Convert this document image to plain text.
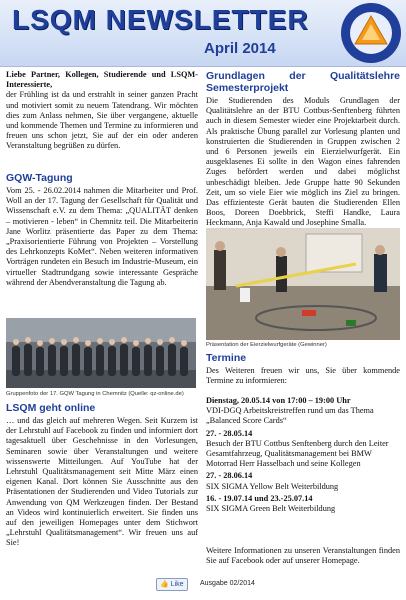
LSQM NEWSLETTER
April 2014

Liebe Partner, Kollegen, Studierende und LSQM-Interessierte,

der Frühling ist da und erstrahlt in seiner ganzen Pracht und motiviert somit zu neuem Tatendrang. Wir möchten dies zum Anlass nehmen, Sie über vergangene, aktuelle und kommende Themen und Termine zu informieren und freuen uns schon jetzt, Sie auf der ein oder anderen Veranstaltung begrüßen zu dürfen.

GQW-Tagung

Vom 25. - 26.02.2014 nahmen die Mitarbeiter und Prof. Woll an der 17. Tagung der Gesellschaft für Qualität und Wissenschaft e.V. zu dem Thema: „QUALITÄT denken – motivieren - leben“ in Chemnitz teil. Die Mitarbeiterin Jane Worlitz präsentierte das Paper zu dem Thema: „Praxisorientierte Führung von Projekten – Vorstellung des Lehrkonzepts KoMet“. Neben weiteren informativen Vorträgen rundeten ein Besuch im Industrie-Museum, ein virtueller Stadtrundgang sowie interessante Gespräche während der Abendveranstaltung die Tagung ab.

Gruppenfoto der 17. GQW Tagung in Chemnitz (Quelle: qz-online.de)

LSQM geht online

… und das gleich auf mehreren Wegen. Seit Kurzem ist der Lehrstuhl auf Facebook zu finden und informiert dort tagesaktuell über Geschehnisse in den Vorlesungen, Seminaren sowie über Veranstaltungen und weitere wissenswerte Mitteilungen. Auf YouTube hat der Lehrstuhl Qualitätsmanagement seit Mitte März einen eigenen Kanal. Dort können Sie Ausschnitte aus den Präsentationen der Studierenden und Video Tutorials zur Anwendung von QM Werkzeugen finden. Der Bestand an Videos wird kontinuierlich erweitert. Sie finden uns auf den jeweiligen Homepages unter dem Stichwort „Lehrstuhl Qualitätsmanagement“. Wir freuen uns auf Sie!

Grundlagen der Qualitätslehre Semesterprojekt

Die Studierenden des Moduls Grundlagen der Qualitätslehre an der BTU Cottbus-Senftenberg führten auch in diesem Semester wieder eine Projektarbeit durch. Als praktische Übung parallel zur Vorlesung planten und konstruierten die Studierenden in Gruppen zwischen 2 und 6 Personen jeweils ein Eierzielwurfgerät. Ein ausgeklasenes Ei sollte in den Wagon eines fahrenden Zuges befördert werden und dabei möglichst unbeschädigt bleiben. Jede Gruppe hatte 90 Sekunden Zeit, um so viele Eier wie möglich ins Ziel zu bringen. Das effizienteste Gerät bauten die Studierenden Ellen Boos, Doreen Doebbrick, Steffi Handke, Laura Heckmann, Anja Kawald und Josephine Smalla.

Präsentation der Eierzielwurfgeräte (Gewinner)

Termine

Des Weiteren freuen wir uns, Sie über kommende Termine zu informieren:

Dienstag, 20.05.14 von 17:00 – 19:00 Uhr
VDI-DGQ Arbeitskreistreffen rund um das Thema „Balanced Score Cards“
27. - 28.05.14
Besuch der BTU Cottbus Senftenberg durch den Leiter Gesamtfahrzeug, Qualitätsmanagement bei BMW Motorrad Herr Hasselbach und seine Kollegen
27. - 28.06.14
SIX SIGMA Yellow Belt Weiterbildung
16. - 19.07.14 und 23.-25.07.14
SIX SIGMA Green Belt Weiterbildung

Weitere Informationen zu unseren Veranstaltungen finden Sie auf Facebook oder auf unserer Homepage.

👍 Like	Ausgabe 02/2014
